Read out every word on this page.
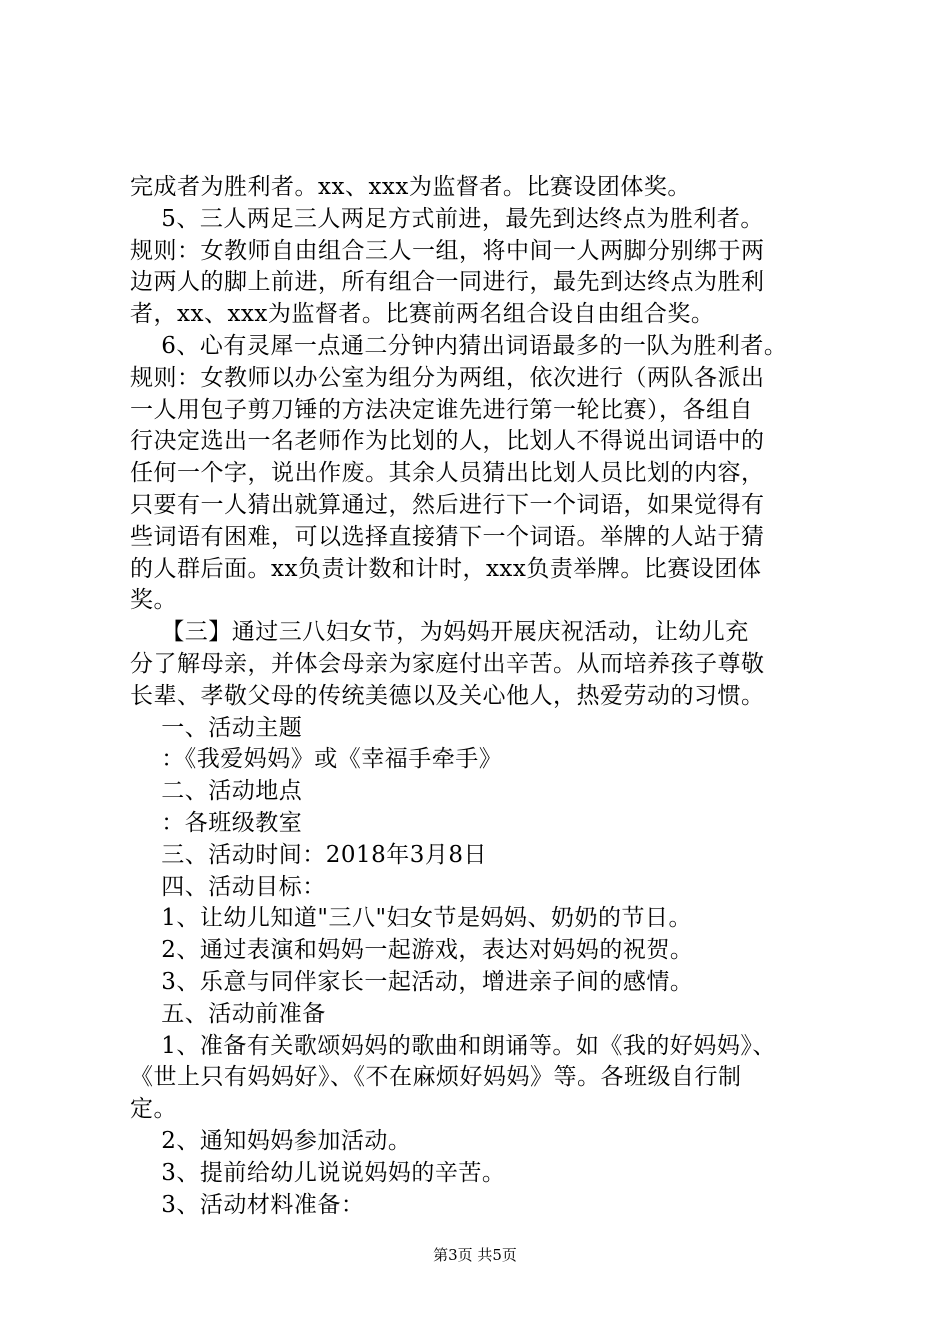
完成者为胜利者。xx、xxx为监督者。比赛设团体奖。
5、三人两足三人两足方式前进，最先到达终点为胜利者。
规则：女教师自由组合三人一组，将中间一人两脚分别绑于两
边两人的脚上前进，所有组合一同进行，最先到达终点为胜利
者，xx、xxx为监督者。比赛前两名组合设自由组合奖。
6、心有灵犀一点通二分钟内猜出词语最多的一队为胜利者。
规则：女教师以办公室为组分为两组，依次进行（两队各派出
一人用包子剪刀锤的方法决定谁先进行第一轮比赛），各组自
行决定选出一名老师作为比划的人，比划人不得说出词语中的
任何一个字，说出作废。其余人员猜出比划人员比划的内容，
只要有一人猜出就算通过，然后进行下一个词语，如果觉得有
些词语有困难，可以选择直接猜下一个词语。举牌的人站于猜
的人群后面。xx负责计数和计时，xxx负责举牌。比赛设团体
奖。
【三】通过三八妇女节，为妈妈开展庆祝活动，让幼儿充
分了解母亲，并体会母亲为家庭付出辛苦。从而培养孩子尊敬
长辈、孝敬父母的传统美德以及关心他人，热爱劳动的习惯。
一、活动主题
：《我爱妈妈》或《幸福手牵手》
二、活动地点
：各班级教室
三、活动时间：2018年3月8日
四、活动目标：
1、让幼儿知道"三八"妇女节是妈妈、奶奶的节日。
2、通过表演和妈妈一起游戏，表达对妈妈的祝贺。
3、乐意与同伴家长一起活动，增进亲子间的感情。
五、活动前准备
1、准备有关歌颂妈妈的歌曲和朗诵等。如《我的好妈妈》、
《世上只有妈妈好》、《不在麻烦好妈妈》等。各班级自行制
定。
2、通知妈妈参加活动。
3、提前给幼儿说说妈妈的辛苦。
3、活动材料准备：
第3页 共5页
